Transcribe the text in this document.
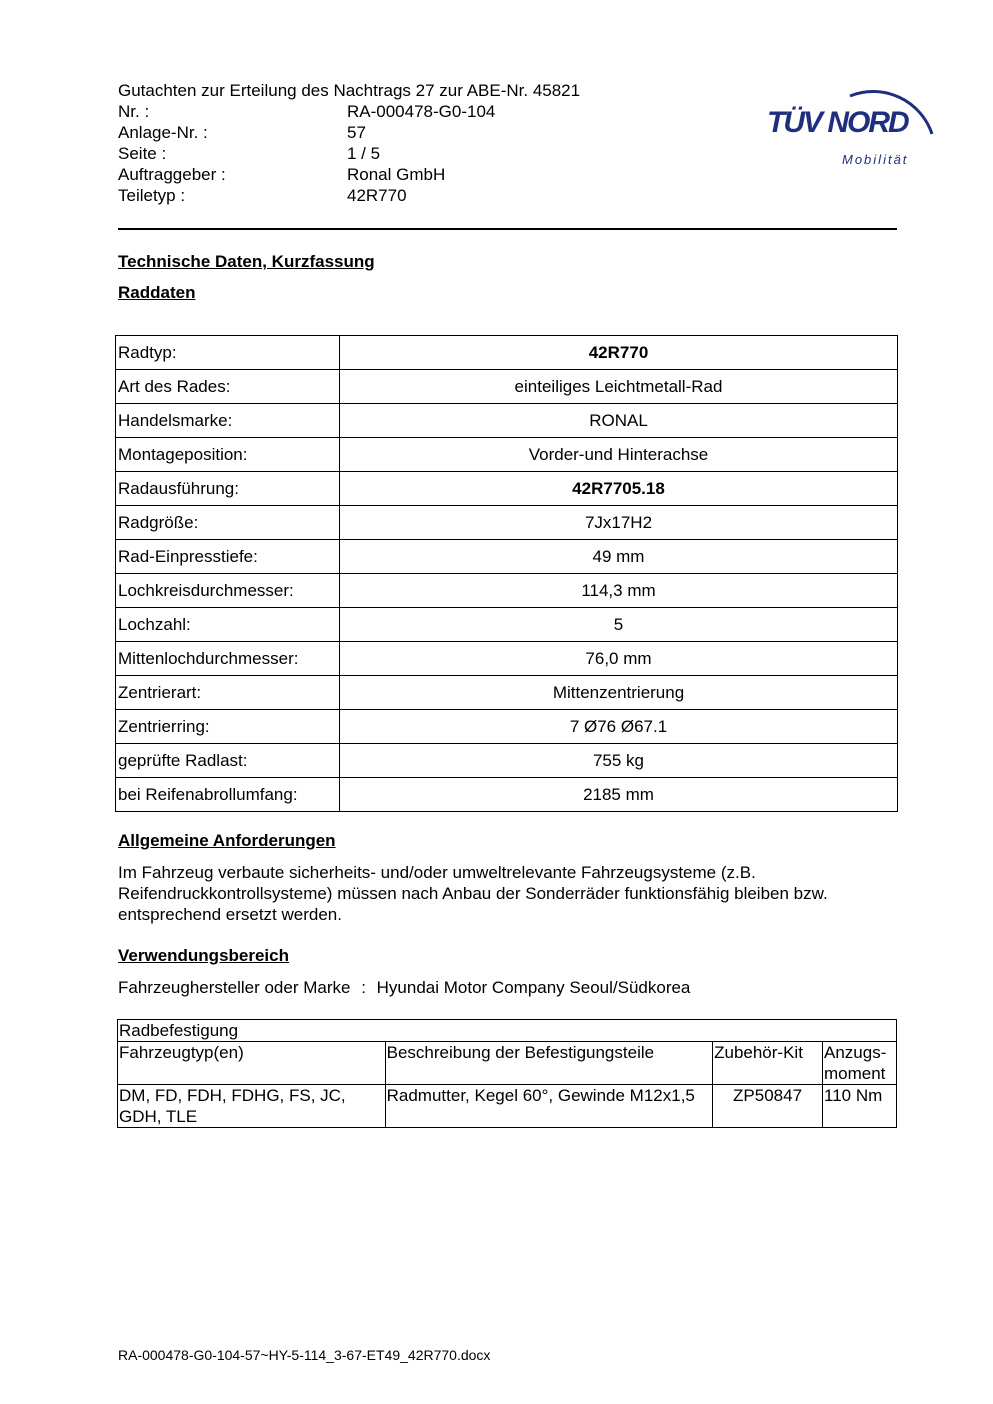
Gutachten zur Erteilung des Nachtrags 27 zur ABE-Nr. 45821
Nr. :	RA-000478-G0-104
Anlage-Nr. :	57
Seite :	1 / 5
Auftraggeber :	Ronal GmbH
Teiletyp :	42R770
TÜV NORD
Mobilität
Technische Daten, Kurzfassung
Raddaten
Radtyp:	42R770
Art des Rades:	einteiliges Leichtmetall-Rad
Handelsmarke:	RONAL
Montageposition:	Vorder-und Hinterachse
Radausführung:	42R7705.18
Radgröße:	7Jx17H2
Rad-Einpresstiefe:	49 mm
Lochkreisdurchmesser:	114,3 mm
Lochzahl:	5
Mittenlochdurchmesser:	76,0 mm
Zentrierart:	Mittenzentrierung
Zentrierring:	7 Ø76 Ø67.1
geprüfte Radlast:	755 kg
bei Reifenabrollumfang:	2185 mm
Allgemeine Anforderungen
Im Fahrzeug verbaute sicherheits- und/oder umweltrelevante Fahrzeugsysteme (z.B. Reifendruckkontrollsysteme) müssen nach Anbau der Sonderräder funktionsfähig bleiben bzw. entsprechend ersetzt werden.
Verwendungsbereich
Fahrzeughersteller oder Marke : Hyundai Motor Company Seoul/Südkorea
Radbefestigung			
Fahrzeugtyp(en)	Beschreibung der Befestigungsteile	Zubehör-Kit	Anzugs-moment
DM, FD, FDH, FDHG, FS, JC, GDH, TLE	Radmutter, Kegel 60°, Gewinde M12x1,5	ZP50847	110 Nm
RA-000478-G0-104-57~HY-5-114_3-67-ET49_42R770.docx
